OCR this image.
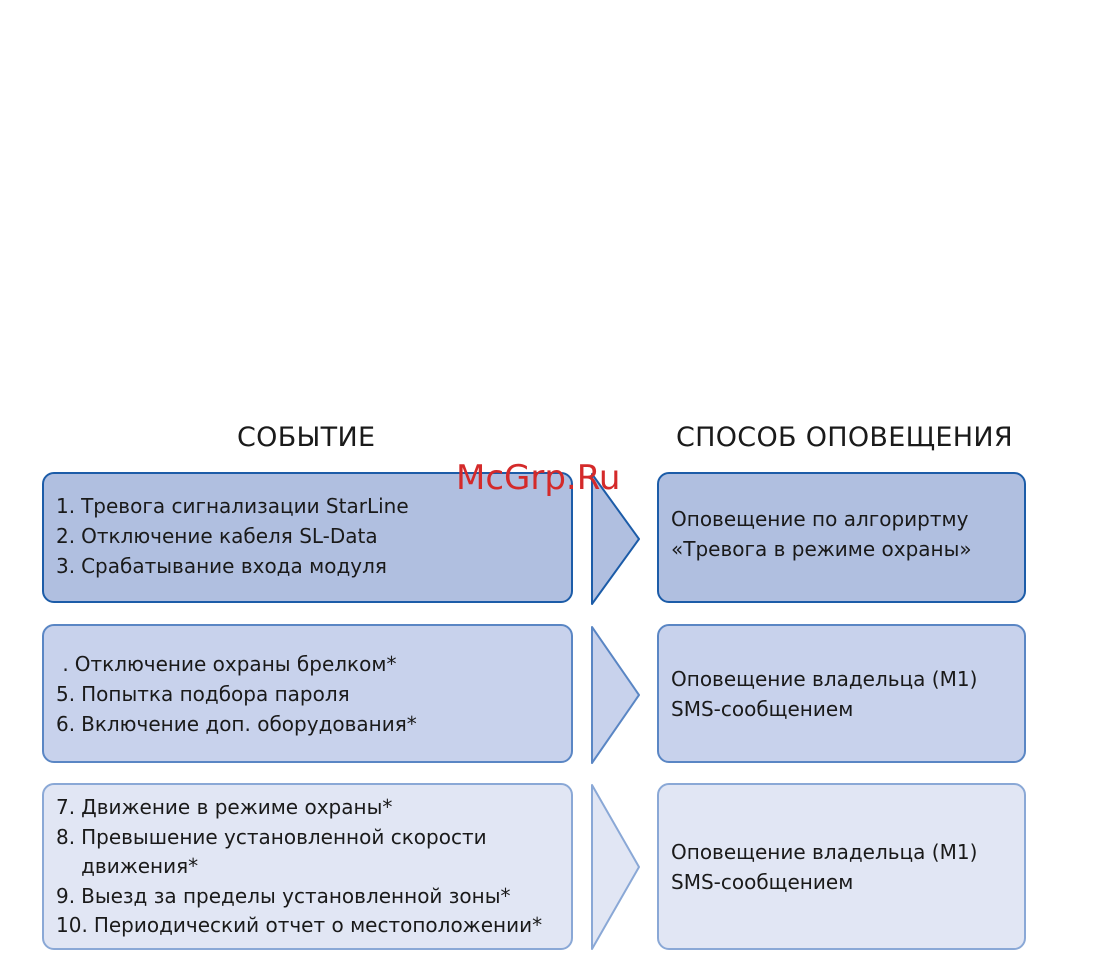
СОБЫТИЕ	СПОСОБ ОПОВЕЩЕНИЯ
McGrp.Ru
1. Тревога сигнализации StarLine
2. Отключение кабеля SL-Data
3. Срабатывание входа модуля
Оповещение по алгориртму
«Тревога в режиме охраны»
. Отключение охраны брелком*
5. Попытка подбора пароля
6. Включение доп. оборудования*
Оповещение владельца (M1)
SMS-сообщением
7. Движение в режиме охраны*
8. Превышение установленной скорости движения*
9. Выезд за пределы установленной зоны*
10. Периодический отчет о местоположении*
Оповещение владельца (M1)
SMS-сообщением
